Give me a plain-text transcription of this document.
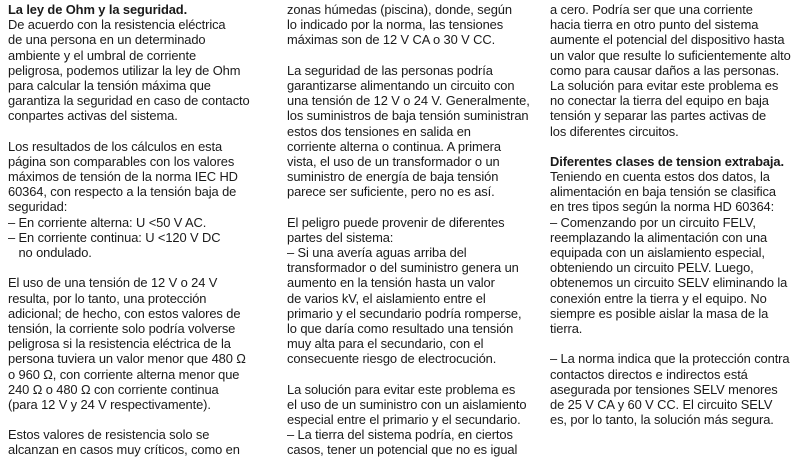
La ley de Ohm y la seguridad.
De acuerdo con la resistencia eléctrica
de una persona en un determinado
ambiente y el umbral de corriente
peligrosa, podemos utilizar la ley de Ohm
para calcular la tensión máxima que
garantiza la seguridad en caso de contacto
conpartes activas del sistema.

Los resultados de los cálculos en esta
página son comparables con los valores
máximos de tensión de la norma IEC HD
60364, con respecto a la tensión baja de
seguridad:
– En corriente alterna: U <50 V AC.
– En corriente continua: U <120 V DC
no ondulado.

El uso de una tensión de 12 V o 24 V
resulta, por lo tanto, una protección
adicional; de hecho, con estos valores de
tensión, la corriente solo podría volverse
peligrosa si la resistencia eléctrica de la
persona tuviera un valor menor que 480 Ω
o 960 Ω, con corriente alterna menor que
240 Ω o 480 Ω con corriente continua
(para 12 V y 24 V respectivamente).

Estos valores de resistencia solo se
alcanzan en casos muy críticos, como en

zonas húmedas (piscina), donde, según
lo indicado por la norma, las tensiones
máximas son de 12 V CA o 30 V CC.

La seguridad de las personas podría
garantizarse alimentando un circuito con
una tensión de 12 V o 24 V. Generalmente,
los suministros de baja tensión suministran
estos dos tensiones en salida en
corriente alterna o continua. A primera
vista, el uso de un transformador o un
suministro de energía de baja tensión
parece ser suficiente, pero no es así.

El peligro puede provenir de diferentes
partes del sistema:
– Si una avería aguas arriba del
transformador o del suministro genera un
aumento en la tensión hasta un valor
de varios kV, el aislamiento entre el
primario y el secundario podría romperse,
lo que daría como resultado una tensión
muy alta para el secundario, con el
consecuente riesgo de electrocución.

La solución para evitar este problema es
el uso de un suministro con un aislamiento
especial entre el primario y el secundario.
– La tierra del sistema podría, en ciertos
casos, tener un potencial que no es igual

a cero. Podría ser que una corriente
hacia tierra en otro punto del sistema
aumente el potencial del dispositivo hasta
un valor que resulte lo suficientemente alto
como para causar daños a las personas.
La solución para evitar este problema es
no conectar la tierra del equipo en baja
tensión y separar las partes activas de
los diferentes circuitos.

Diferentes clases de tension extrabaja.
Teniendo en cuenta estos dos datos, la
alimentación en baja tensión se clasifica
en tres tipos según la norma HD 60364:
– Comenzando por un circuito FELV,
reemplazando la alimentación con una
equipada con un aislamiento especial,
obteniendo un circuito PELV. Luego,
obtenemos un circuito SELV eliminando la
conexión entre la tierra y el equipo. No
siempre es posible aislar la masa de la
tierra.

– La norma indica que la protección contra
contactos directos e indirectos está
asegurada por tensiones SELV menores
de 25 V CA y 60 V CC. El circuito SELV
es, por lo tanto, la solución más segura.
